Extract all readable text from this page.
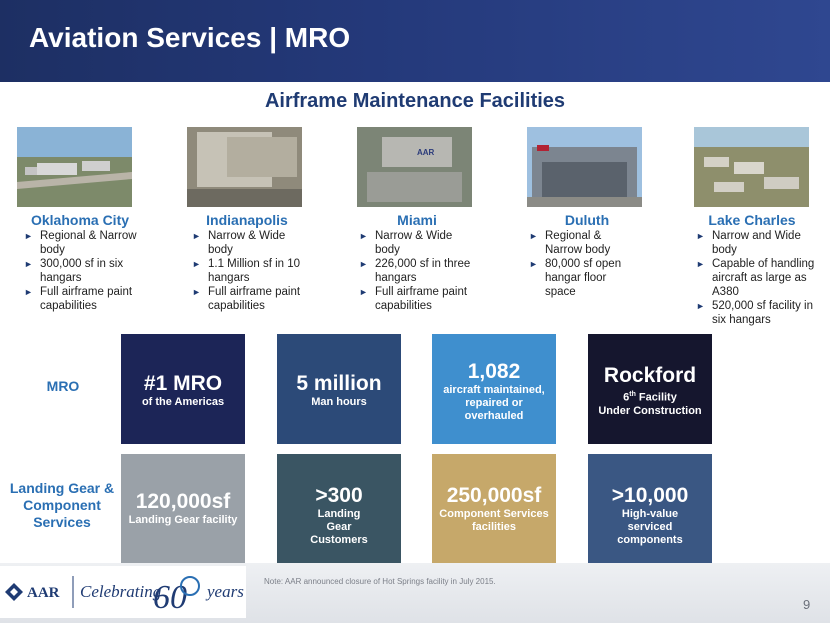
Aviation Services | MRO
Airframe Maintenance Facilities
AAR
Oklahoma City	Indianapolis	Miami	Duluth	Lake Charles
► Regional & Narrow body
► 300,000 sf in six hangars
► Full airframe paint capabilities
► Narrow & Wide body
► 1.1 Million sf in 10 hangars
► Full airframe paint capabilities
► Narrow & Wide body
► 226,000 sf in three hangars
► Full airframe paint capabilities
► Regional & Narrow body
► 80,000 sf open hangar floor space
► Narrow and Wide body
► Capable of handling aircraft as large as A380
► 520,000 sf facility in six hangars
MRO
Landing Gear & Component Services
#1 MRO
of the Americas
5 million
Man hours
1,082
aircraft maintained, repaired or overhauled
Rockford
6th Facility
Under Construction
120,000sf
Landing Gear facility
>300
Landing Gear Customers
250,000sf
Component Services facilities
>10,000
High-value serviced components
AAR Celebrating
60 years
Note: AAR announced closure of Hot Springs facility in July 2015.
9
